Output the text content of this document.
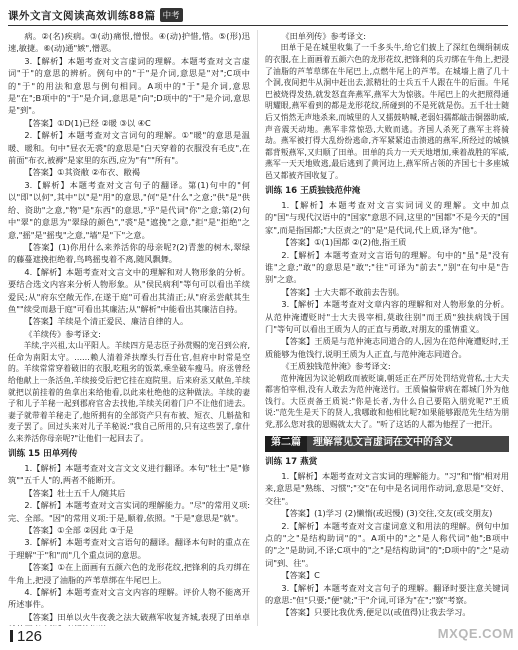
课外文言文阅读高效训练88篇 中考

病。②(名)疾病。③(动)痛恨,憎恨。④(动)护惜,惜。⑤(形)迅速,敏捷。⑥(动)通"嫉",憎恶。

3.【解析】本题考查对文言虚词的理解。本题考查对文言虚词"于"的意思的辨析。例句中的"于"是介词,意思是"对";C项中的"于"的用法和意思与例句相同。A项中的"于"是介词,意思是"在";B项中的"于"是介词,意思是"向";D项中的"于"是介词,意思是"到"。

【答案】①D(1)已经 ②暖 ③以 ④C

2.【解析】本题考查对文言词句的理解。①"暖"的意思是温暖、暖和。句中"昼衣无裘"的意思是"白天穿着的衣服没有毛皮",在前面"布衣,被褥"是家里的东西,应为"有""所有"。

【答案】①其资敝 ②布衣、敝褐

3.【解析】本题考查对文言句子的翻译。第(1)句中的"何以"即"以何",其中"以"是"用"的意思,"何"是"什么"之意;"供"是"供给、资助"之意,"物"是"东西"的意思,"乎"是代词"你"之意;第(2)句中"翠"的意思为"翠绿的颜色","裘"是"遮挽"之意,"拒"是"拒绝"之意,"摇"是"摇曳"之意,"墙"是"下"之意。

【答案】(1)你用什么来养活你的母亲呢?(2)青葱的树木,翠绿的藤蔓遮挽拒绝着,鸟鸣摇曳着不离,随风飘舞。

4.【解析】本题考查对文言文中的理解和对人物形象的分析。要结合选文内容来分析人物形象。从"侯民病利"等句可以看出羊续爱民;从"府东空敞无作,在遂于庭"可看出其清正;从"府丞尝献其生鱼""续受而悬于庭"可看出其廉洁;从"解析"中能看出其廉洁自持。

【答案】羊续是个清正爱民、廉洁自律的人。

《羊续传》参考译文:

羊续,字兴祖,太山平阳人。羊续四方是志臣子孙赏赐的宠召到公府,任命为南阳太守。……赖人清着斧扶摩头行吾仕官,但府中时常是空的。羊续常常穿着破旧的衣服,吃粗劣的饭菜,乘坐破车瘦马。府丞曾经给他献上一条活鱼,羊续接受后把它挂在庭院里。后来府丞又献鱼,羊续就把以前挂着的鱼拿出来给他看,以此来杜绝他的这种做法。羊续的妻子和儿子羊秘一起到郡府官舍去找他,羊续关闭着门户不让他们进去。妻子就带着羊秘走了,他所拥有的全部资产只有布被、短衣、几斛盐和麦子罢了。回过头来对儿子羊秘说:"我自己所用的,只有这些罢了,拿什么来养活你母亲呢?"让他们一起回去了。

训练 15 田单列传

1.【解析】本题考查对文言文文义进行翻译。本句"牡士"是"修筑""五千人"的,两者不能断开。

【答案】牡士五千人/随其后

2.【解析】本题考查对文言实词的理解能力。"尽"的常用义项:完、全部。"因"的常用义项:于是,顺着,依照。"于是"意思是"就"。

【答案】①全部 ②因此 ③于是

3.【解析】本题考查对文言语句的翻译。翻译本句时的重点在于理解"于"和"而"几个重点词的意思。

【答案】①在上面画有五颜六色的龙形花纹,把锋利的兵刃绑在牛角上,把浸了油脂的芦苇草绑在牛尾巴上。

4.【解析】本题考查对文言文内容的理解。评价人物不能离开所述事件。

【答案】田单以火牛夜袭之法大破燕军收复齐城,表现了田单卓

《田单列传》参考译文:

田单于是在城里收集了一千多头牛,给它们披上了深红色绸绢制成的衣服,在上面画着五颜六色的龙形花纹,把锋利的兵刃绑在牛角上,把浸了油脂的芦苇草绑在牛尾巴上,点燃牛尾上的芦苇。在城墙上凿了几十个洞,夜间把牛从洞中赶出去,派精壮的士兵五千人跟在牛的后面。牛尾巴被烧得发热,就发怒直奔燕军,燕军大为惊骇。牛尾巴上的火把照得通明耀眼,燕军看到的都是龙形花纹,所碰到的不是死就是伤。五千壮士随后又悄然无声地杀来,而城里的人又擂鼓呐喊,老弱妇孺都敲击铜器助威,声音震天动地。燕军非常惊恐,大败而逃。齐国人杀死了燕军主将骑劫。燕军被打得大乱纷纷逃命,齐军紧紧追击溃逃的燕军,所经过的城镇都背叛燕军,又归顺了田单。田单的兵力一天天地增加,乘着战胜的军威,燕军一天天地败逃,最后逃到了黄河边上,燕军所占领的齐国七十多座城邑又都被齐国收复了。

训练 16 王质独钱范仲淹

1.【解析】本题考查对文言实词词义的理解。文中加点的"国"与现代汉语中的"国家"意思不同,这里的"国都"不是今天的"国家",而是指国都;"大臣责之"的"是"是代词,代上质,译为"他"。

【答案】①(1)国都 ②(2)他,指王质

2.【解析】本题考查对文言语句的理解。句中的"虽"是"没有谁"之意;"敢"的意思是"敢";"往"可译为"前去","别"在句中是"告别"之意。

【答案】士大夫都不敢前去告别。

3.【解析】本题考查对文章内容的理解和对人物形象的分析。从范仲淹遭贬时"士大夫畏宰相,莫敢往别"而王质"独扶病饯于国门"等句可以看出王质为人的正直与勇敢,对朋友的重情重义。

【答案】王质是与范仲淹志同道合的人,因为在范仲淹遭贬时,王质能够为他饯行,说明王质为人正直,与范仲淹志同道合。

《王质独钱范仲淹》参考译文:

范仲淹因为议论朝政而被贬谪,朝廷正在严厉处罚结党营私,士大夫都害怕宰相,没有人敢去为范仲淹送行。王质偏偏带病在都城门外为他饯行。大臣责备王质说:"你是长者,为什么自己要陷入朋党呢?"王质说:"范先生是天下的贤人,我哪敢和他相比呢?如果能够跟范先生结为朋党,那么您对我的恩赐就太大了。"听了这话的人都为他捏了一把汗。

第二篇	理解常见文言虚词在文中的含义

训练 17 燕赏

1.【解析】本题考查对文言实词的理解能力。"习"和"惰"相对用来,意思是"熟练、习惯";"交"在句中是名词用作动词,意思是"交好、交往"。

【答案】(1)学习 (2)懒惰(或迟慢) (3)交往,交友(或交朋友)

2.【解析】本题考查对文言虚词意义和用法的理解。例句中加点的"之"是结构助词"的"。A项中的"之"是人称代词"他";B项中的"之"是助词,不译;C项中的"之"是结构助词"的";D项中的"之"是动词"到、往"。

【答案】C

3.【解析】本题考查对文言句子的理解。翻译时要注意关键词的意思:"但"只要;"便"就;"于"介词,可译为"在";"察"考察。

【答案】只要比我优秀,便足以(或值得)让我去学习。

126	MXQE.COM
